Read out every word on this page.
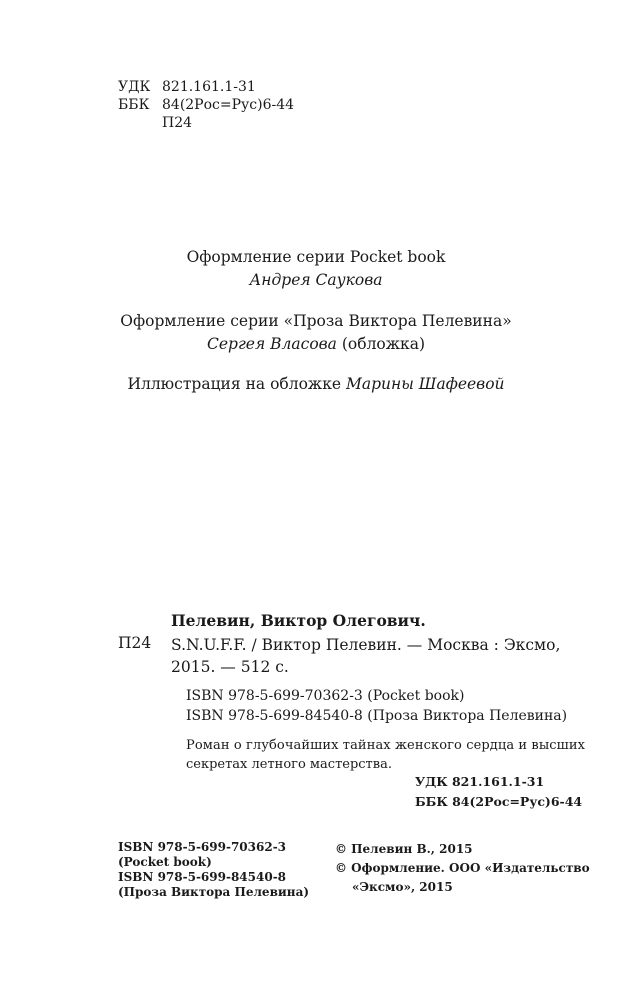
УДК 821.161.1-31
ББК 84(2Рос=Рус)6-44
П24
Оформление серии Pocket book
Андрея Саукова
Оформление серии «Проза Виктора Пелевина»
Сергея Власова (обложка)
Иллюстрация на обложке Марины Шафеевой
Пелевин, Виктор Олегович.
П24 S.N.U.F.F. / Виктор Пелевин. — Москва : Эксмо,
2015. — 512 с.
ISBN 978-5-699-70362-3 (Pocket book)
ISBN 978-5-699-84540-8 (Проза Виктора Пелевина)
Роман о глубочайших тайнах женского сердца и высших
секретах летного мастерства.
УДК 821.161.1-31
ББК 84(2Рос=Рус)6-44
ISBN 978-5-699-70362-3
(Pocket book)
ISBN 978-5-699-84540-8
(Проза Виктора Пелевина)
© Пелевин В., 2015
© Оформление. ООО «Издательство
«Эксмо», 2015
